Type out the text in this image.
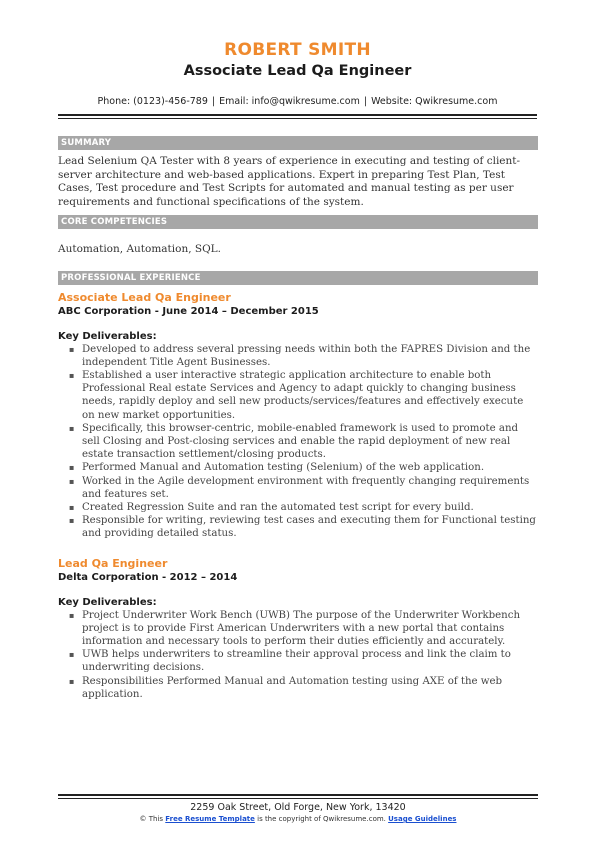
ROBERT SMITH
Associate Lead Qa Engineer
Phone: (0123)-456-789 | Email: info@qwikresume.com | Website: Qwikresume.com
SUMMARY
Lead Selenium QA Tester with 8 years of experience in executing and testing of client-server architecture and web-based applications. Expert in preparing Test Plan, Test Cases, Test procedure and Test Scripts for automated and manual testing as per user requirements and functional specifications of the system.
CORE COMPETENCIES
Automation, Automation, SQL.
PROFESSIONAL EXPERIENCE
Associate Lead Qa Engineer
ABC Corporation - June 2014 – December 2015
Key Deliverables:
▪ Developed to address several pressing needs within both the FAPRES Division and the independent Title Agent Businesses.
▪ Established a user interactive strategic application architecture to enable both Professional Real estate Services and Agency to adapt quickly to changing business needs, rapidly deploy and sell new products/services/features and effectively execute on new market opportunities.
▪ Specifically, this browser-centric, mobile-enabled framework is used to promote and sell Closing and Post-closing services and enable the rapid deployment of new real estate transaction settlement/closing products.
▪ Performed Manual and Automation testing (Selenium) of the web application.
▪ Worked in the Agile development environment with frequently changing requirements and features set.
▪ Created Regression Suite and ran the automated test script for every build.
▪ Responsible for writing, reviewing test cases and executing them for Functional testing and providing detailed status.
Lead Qa Engineer
Delta Corporation - 2012 – 2014
Key Deliverables:
▪ Project Underwriter Work Bench (UWB) The purpose of the Underwriter Workbench project is to provide First American Underwriters with a new portal that contains information and necessary tools to perform their duties efficiently and accurately.
▪ UWB helps underwriters to streamline their approval process and link the claim to underwriting decisions.
▪ Responsibilities Performed Manual and Automation testing using AXE of the web application.
2259 Oak Street, Old Forge, New York, 13420
© This Free Resume Template is the copyright of Qwikresume.com. Usage Guidelines
